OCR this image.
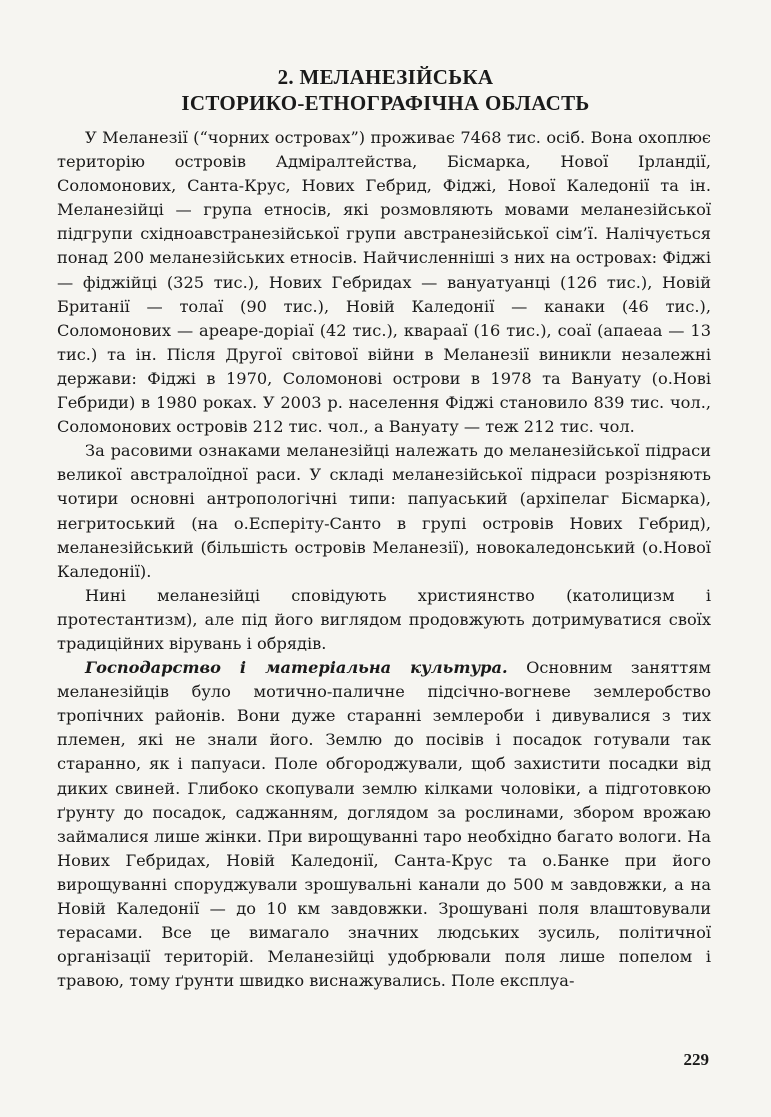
2. МЕЛАНЕЗІЙСЬКА
ІСТОРИКО-ЕТНОГРАФІЧНА ОБЛАСТЬ

У Меланезії (“чорних островах”) проживає 7468 тис. осіб. Вона охоплює територію островів Адміралтейства, Бісмарка, Нової Ірландії, Соломонових, Санта-Крус, Нових Гебрид, Фіджі, Нової Каледонії та ін. Меланезійці — група етносів, які розмовляють мовами меланезійської підгрупи східноавстранезійської групи австранезійської сім’ї. Налічується понад 200 меланезійських етносів. Найчисленніші з них на островах: Фіджі — фіджійці (325 тис.), Нових Гебридах — вануатуанці (126 тис.), Новій Британії — толаї (90 тис.), Новій Каледонії — канаки (46 тис.), Соломонових — ареаре-доріаї (42 тис.), кварааї (16 тис.), соаї (апаеаа — 13 тис.) та ін. Після Другої світової війни в Меланезії виникли незалежні держави: Фіджі в 1970, Соломонові острови в 1978 та Вануату (о.Нові Гебриди) в 1980 роках. У 2003 р. населення Фіджі становило 839 тис. чол., Соломонових островів 212 тис. чол., а Вануату — теж 212 тис. чол.

За расовими ознаками меланезійці належать до меланезійської підраси великої австралоїдної раси. У складі меланезійської підраси розрізняють чотири основні антропологічні типи: папуаський (архіпелаг Бісмарка), негритоський (на о.Есперіту-Санто в групі островів Нових Гебрид), меланезійський (більшість островів Меланезії), новокаледонський (о.Нової Каледонії).

Нині меланезійці сповідують християнство (католицизм і протестантизм), але під його виглядом продовжують дотримуватися своїх традиційних вірувань і обрядів.

Господарство і матеріальна культура. Основним заняттям меланезійців було мотично-паличне підсічно-вогневе землеробство тропічних районів. Вони дуже старанні землероби і дивувалися з тих племен, які не знали його. Землю до посівів і посадок готували так старанно, як і папуаси. Поле обгороджували, щоб захистити посадки від диких свиней. Глибоко скопували землю кілками чоловіки, а підготовкою ґрунту до посадок, саджанням, доглядом за рослинами, збором врожаю займалися лише жінки. При вирощуванні таро необхідно багато вологи. На Нових Гебридах, Новій Каледонії, Санта-Крус та о.Банке при його вирощуванні споруджували зрошувальні канали до 500 м завдовжки, а на Новій Каледонії — до 10 км завдовжки. Зрошувані поля влаштовували терасами. Все це вимагало значних людських зусиль, політичної організації територій. Меланезійці удобрювали поля лише попелом і травою, тому ґрунти швидко виснажувались. Поле експлуа-

229
